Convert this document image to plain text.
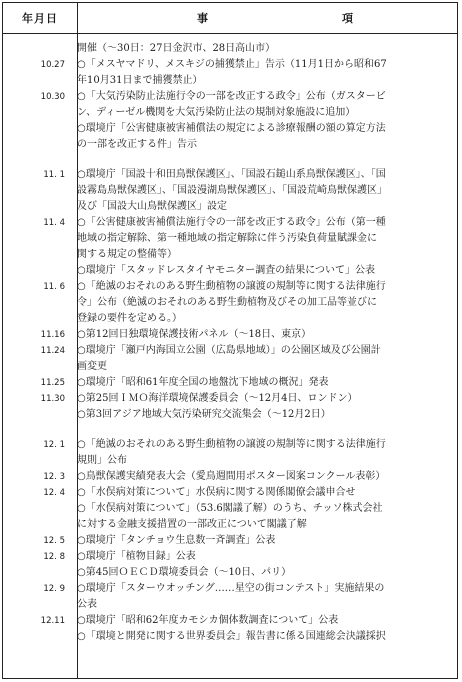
年月日	事	項
開催（〜30日：27日金沢市、28日高山市）
10.27	○「メスヤマドリ、メスキジの捕獲禁止」告示（11月1日から昭和67
年10月31日まで捕獲禁止）
10.30	○「大気汚染防止法施行令の一部を改正する政令」公布（ガスタービ
ン、ディーゼル機関を大気汚染防止法の規制対象施設に追加）
○環境庁「公害健康被害補償法の規定による診療報酬の額の算定方法
の一部を改正する件」告示
11. 1	○環境庁「国設十和田鳥獣保護区」、「国設石鎚山系鳥獣保護区」、「国
設霧島鳥獣保護区」、「国設漫湖鳥獣保護区」、「国設荒崎鳥獣保護区」
及び「国設大山鳥獣保護区」設定
11. 4	○「公害健康被害補償法施行令の一部を改正する政令」公布（第一種
地域の指定解除、第一種地域の指定解除に伴う汚染負荷量賦課金に
関する規定の整備等）
○環境庁「スタッドレスタイヤモニター調査の結果について」公表
11. 6	○「絶滅のおそれのある野生動植物の譲渡の規制等に関する法律施行
令」公布（絶滅のおそれのある野生動植物及びその加工品等並びに
登録の要件を定める。）
11.16	○第12回日独環境保護技術パネル（〜18日、東京）
11.24	○環境庁「瀬戸内海国立公園（広島県地域）」の公園区域及び公園計
画変更
11.25	○環境庁「昭和61年度全国の地盤沈下地域の概況」発表
11.30	○第25回ＩＭＯ海洋環境保護委員会（〜12月4日、ロンドン）
○第3回アジア地域大気汚染研究交流集会（〜12月2日）
12. 1	○「絶滅のおそれのある野生動植物の譲渡の規制等に関する法律施行
規則」公布
12. 3	○鳥獣保護実績発表大会（愛鳥週間用ポスター図案コンクール表彰）
12. 4	○「水俣病対策について」水俣病に関する関係閣僚会議申合せ
○「水俣病対策について」（53.6閣議了解）のうち、チッソ株式会社
に対する金融支援措置の一部改正について閣議了解
12. 5	○環境庁「タンチョウ生息数一斉調査」公表
12. 8	○環境庁「植物目録」公表
○第45回ＯＥＣＤ環境委員会（〜10日、パリ）
12. 9	○環境庁「スターウオッチング……星空の街コンテスト」実施結果の
公表
12.11	○環境庁「昭和62年度カモシカ個体数調査について」公表
○「環境と開発に関する世界委員会」報告書に係る国連総会決議採択
